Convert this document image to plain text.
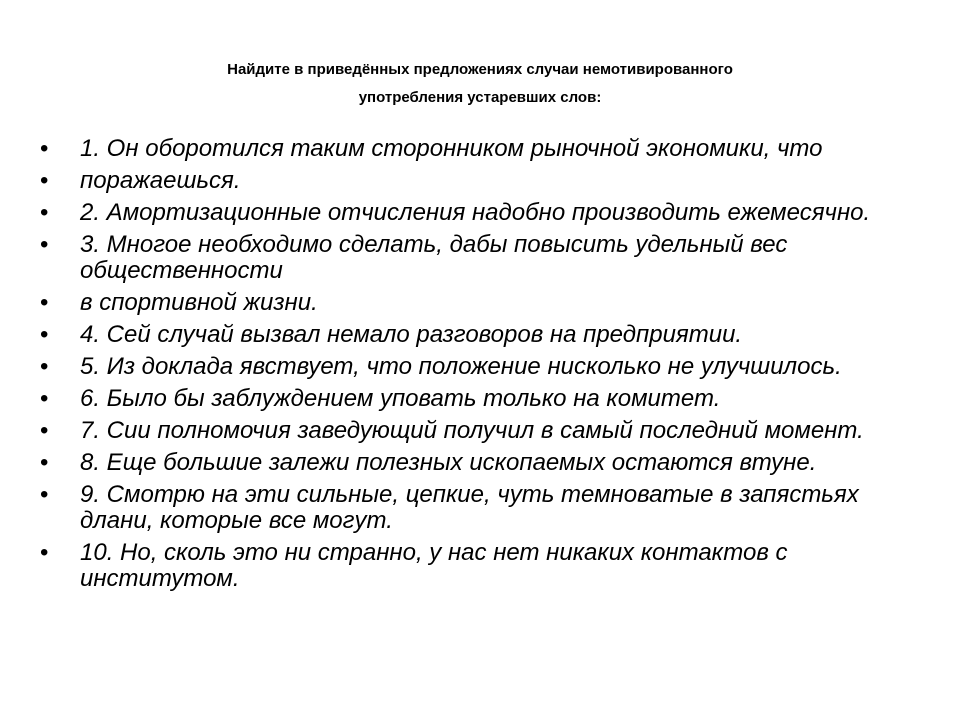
Найдите в приведённых предложениях случаи немотивированного
употребления устаревших слов:
• 1. Он оборотился таким сторонником рыночной экономики, что
• поражаешься.
• 2. Амортизационные отчисления надобно производить ежемесячно.
• 3. Многое необходимо сделать, дабы повысить удельный вес общественности
• в спортивной жизни.
• 4. Сей случай вызвал немало разговоров на предприятии.
• 5. Из доклада явствует, что положение нисколько не улучшилось.
• 6. Было бы заблуждением уповать только на комитет.
• 7. Сии полномочия заведующий получил в самый последний момент.
• 8. Еще большие залежи полезных ископаемых остаются втуне.
• 9. Смотрю на эти сильные, цепкие, чуть темноватые в запястьях длани, которые все могут.
• 10. Но, сколь это ни странно, у нас нет никаких контактов с институтом.
